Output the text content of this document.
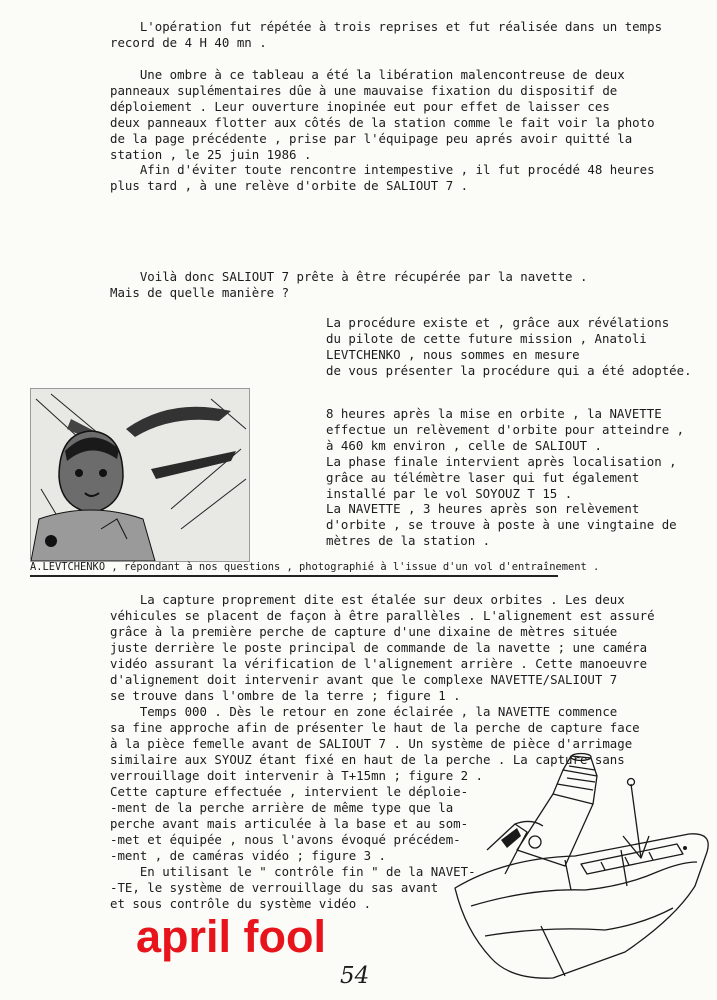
L'opération fut répétée à trois reprises et fut réalisée dans un temps
record de 4 H 40 mn .
Une ombre à ce tableau a été la libération malencontreuse de deux
panneaux suplémentaires dûe à une mauvaise fixation du dispositif de
déploiement . Leur ouverture inopinée eut pour effet de laisser ces
deux panneaux flotter aux côtés de la station comme le fait voir la photo
de la page précédente , prise par l'équipage peu aprés avoir quitté la
station , le 25 juin 1986 .
Afin d'éviter toute rencontre intempestive , il fut procédé 48 heures
plus tard , à une relève d'orbite de SALIOUT 7 .
Voilà donc SALIOUT 7 prête à être récupérée par la navette .
Mais de quelle manière ?
La procédure existe et , grâce aux révélations
du pilote de cette future mission , Anatoli
LEVTCHENKO , nous sommes en mesure
de vous présenter la procédure qui a été adoptée.
A.LEVTCHENKO , répondant à nos questions , photographié à l'issue d'un vol d'entraînement .
8 heures après la mise en orbite , la NAVETTE
effectue un relèvement d'orbite pour atteindre ,
à 460 km environ , celle de SALIOUT .
La phase finale intervient après localisation ,
grâce au télémètre laser qui fut également
installé par le vol SOYOUZ T 15 .
La NAVETTE , 3 heures après son relèvement
d'orbite , se trouve à poste à une vingtaine de
mètres de la station .
La capture proprement dite est étalée sur deux orbites . Les deux
véhicules se placent de façon à être parallèles . L'alignement est assuré
grâce à la première perche de capture d'une dixaine de mètres située
juste derrière le poste principal de commande de la navette ; une caméra
vidéo assurant la vérification de l'alignement arrière . Cette manoeuvre
d'alignement doit intervenir avant que le complexe NAVETTE/SALIOUT 7
se trouve dans l'ombre de la terre ; figure 1 .
Temps 000 . Dès le retour en zone éclairée , la NAVETTE commence
sa fine approche afin de présenter le haut de la perche de capture face
à la pièce femelle avant de SALIOUT 7 . Un système de pièce d'arrimage
similaire aux SYOUZ étant fixé en haut de la perche . La capture sans
verrouillage doit intervenir à T+15mn ; figure 2 .
Cette capture effectuée , intervient le déploie-
-ment de la perche arrière de même type que la
perche avant mais articulée à la base et au som-
-met et équipée , nous l'avons évoqué précédem-
-ment , de caméras vidéo ; figure 3 .
En utilisant le " contrôle fin " de la NAVET-
-TE, le système de verrouillage du sas avant
et sous contrôle du système vidéo .
april fool
54
